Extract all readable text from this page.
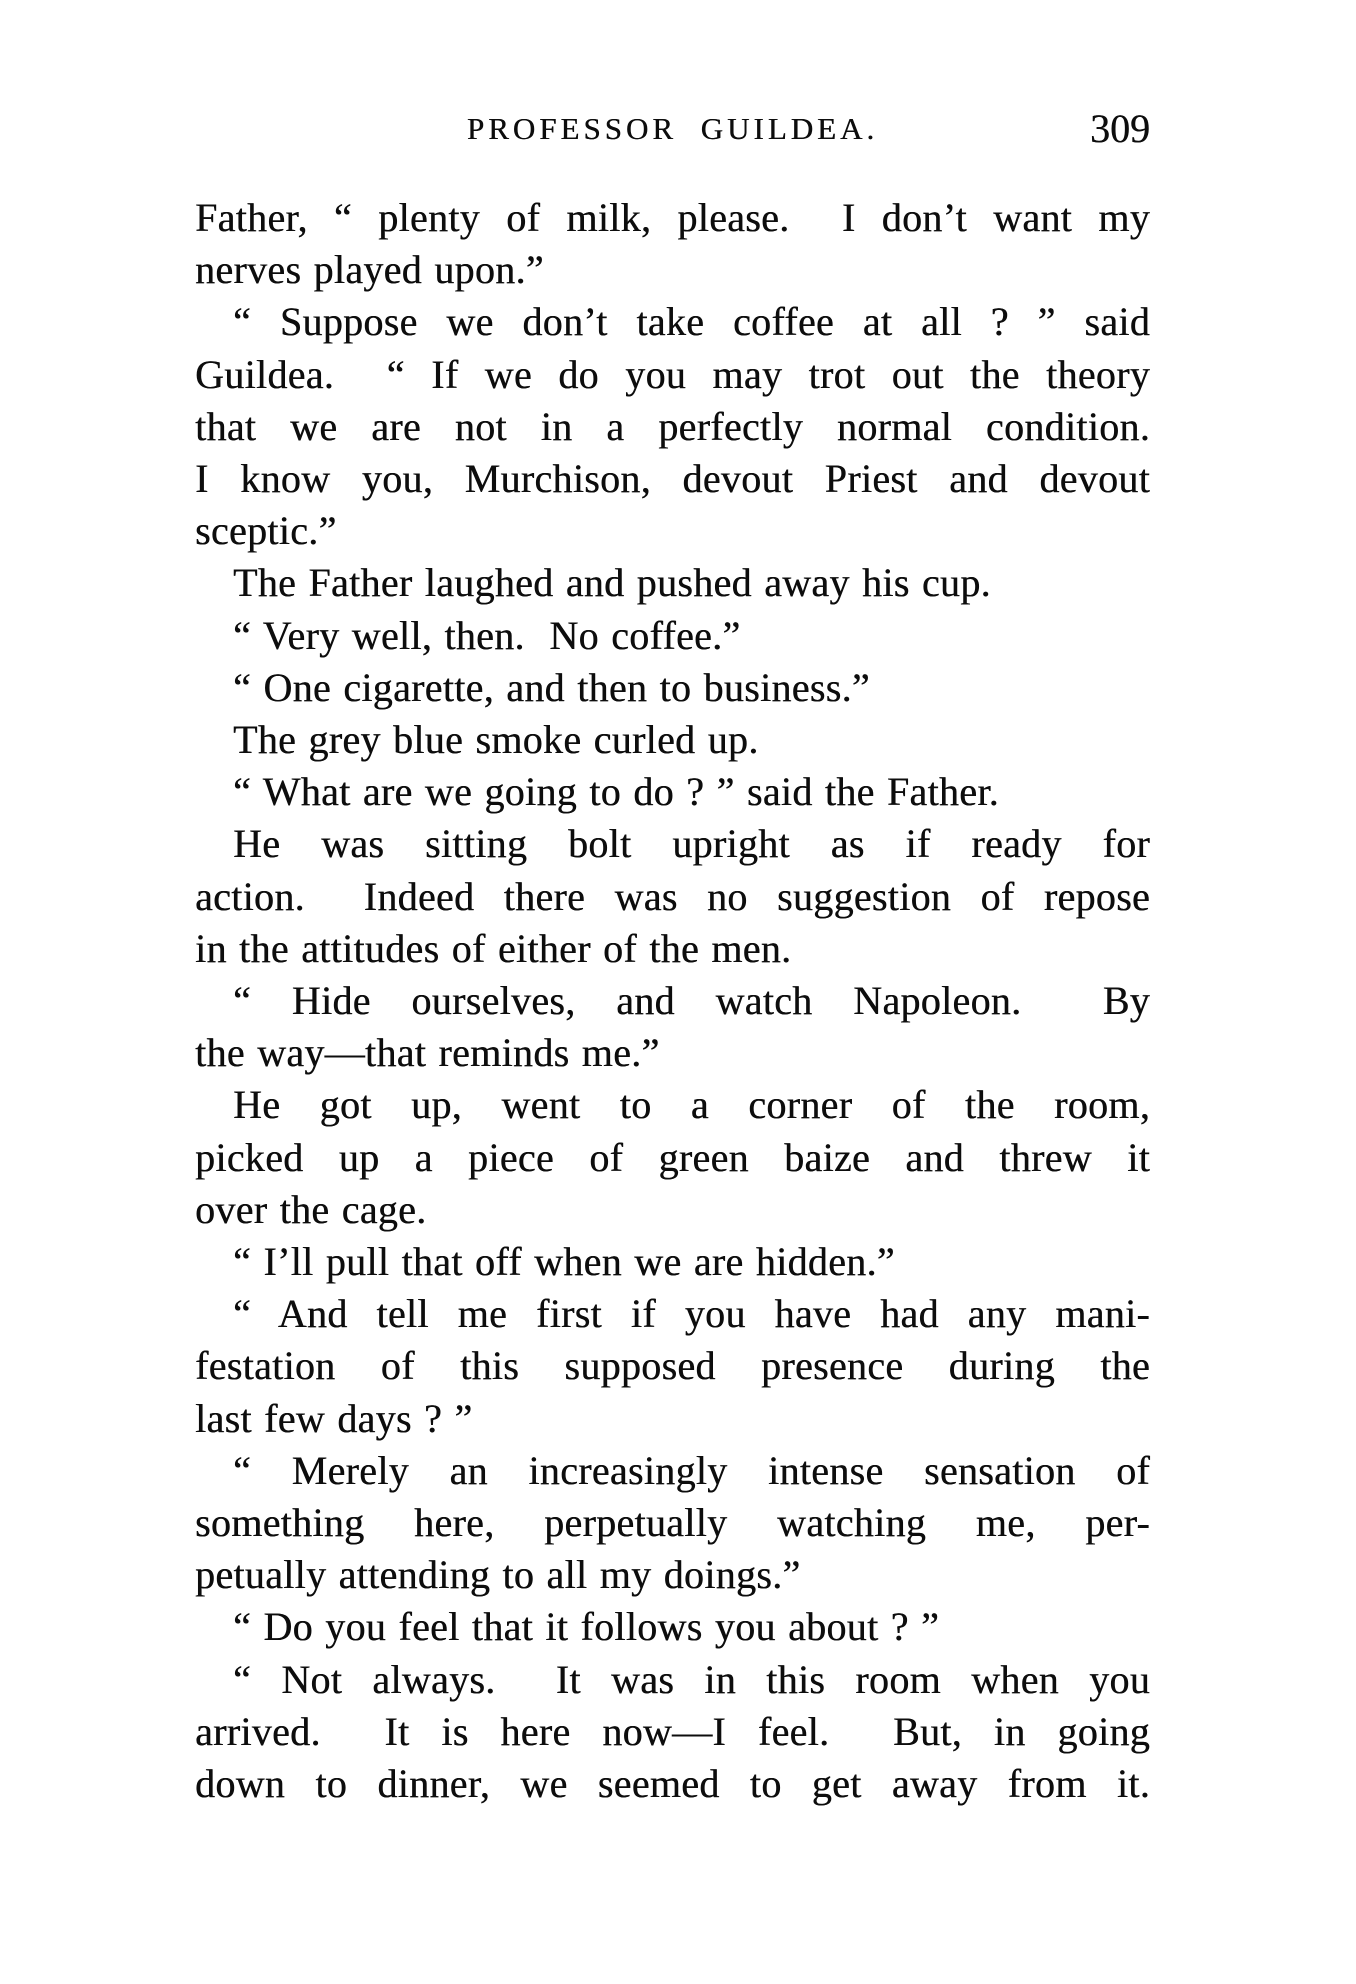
PROFESSOR GUILDEA.	309
Father, “ plenty of milk, please.  I don’t want my
nerves played upon.”
“ Suppose we don’t take coffee at all ? ” said
Guildea.  “ If we do you may trot out the theory
that we are not in a perfectly normal condition.
I know you, Murchison, devout Priest and devout
sceptic.”
The Father laughed and pushed away his cup.
“ Very well, then.  No coffee.”
“ One cigarette, and then to business.”
The grey blue smoke curled up.
“ What are we going to do ? ” said the Father.
He was sitting bolt upright as if ready for
action.  Indeed there was no suggestion of repose
in the attitudes of either of the men.
“ Hide ourselves, and watch Napoleon.  By
the way—that reminds me.”
He got up, went to a corner of the room,
picked up a piece of green baize and threw it
over the cage.
“ I’ll pull that off when we are hidden.”
“ And tell me first if you have had any mani-
festation of this supposed presence during the
last few days ? ”
“ Merely an increasingly intense sensation of
something here, perpetually watching me, per-
petually attending to all my doings.”
“ Do you feel that it follows you about ? ”
“ Not always.  It was in this room when you
arrived.  It is here now—I feel.  But, in going
down to dinner, we seemed to get away from it.
